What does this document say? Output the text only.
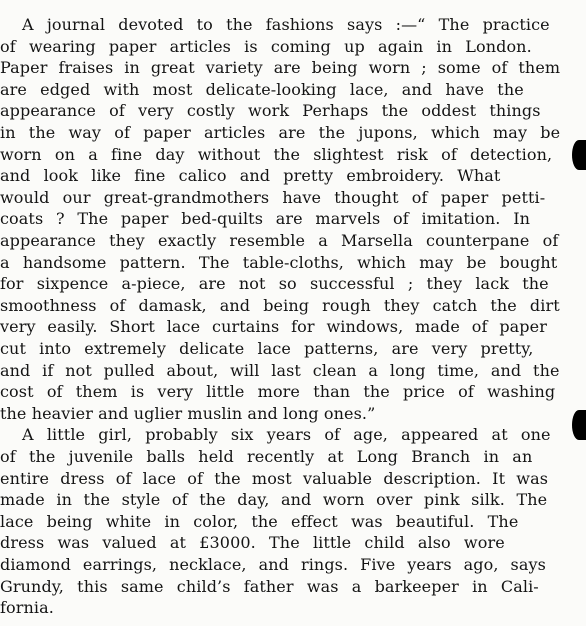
A journal devoted to the fashions says :—“ The practice
of wearing paper articles is coming up again in London.
Paper fraises in great variety are being worn ; some of them
are edged with most delicate-looking lace, and have the
appearance of very costly work Perhaps the oddest things
in the way of paper articles are the jupons, which may be
worn on a fine day without the slightest risk of detection,
and look like fine calico and pretty embroidery. What
would our great-grandmothers have thought of paper petti-
coats ? The paper bed-quilts are marvels of imitation. In
appearance they exactly resemble a Marsella counterpane of
a handsome pattern. The table-cloths, which may be bought
for sixpence a-piece, are not so successful ; they lack the
smoothness of damask, and being rough they catch the dirt
very easily. Short lace curtains for windows, made of paper
cut into extremely delicate lace patterns, are very pretty,
and if not pulled about, will last clean a long time, and the
cost of them is very little more than the price of washing
the heavier and uglier muslin and long ones.”
A little girl, probably six years of age, appeared at one
of the juvenile balls held recently at Long Branch in an
entire dress of lace of the most valuable description. It was
made in the style of the day, and worn over pink silk. The
lace being white in color, the effect was beautiful. The
dress was valued at £3000. The little child also wore
diamond earrings, necklace, and rings. Five years ago, says
Grundy, this same child’s father was a barkeeper in Cali-
fornia.
